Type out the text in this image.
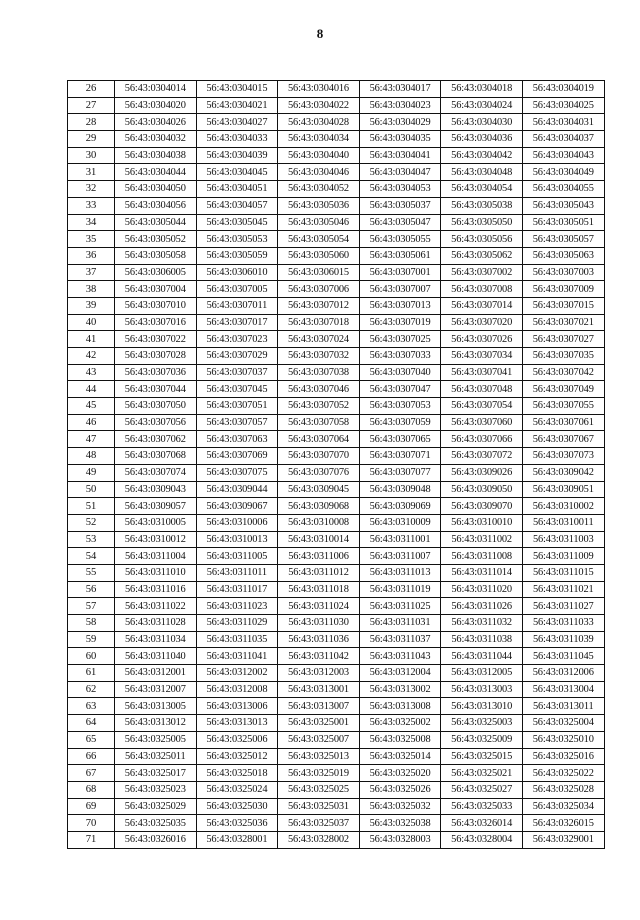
8
26	56:43:0304014	56:43:0304015	56:43:0304016	56:43:0304017	56:43:0304018	56:43:0304019
27	56:43:0304020	56:43:0304021	56:43:0304022	56:43:0304023	56:43:0304024	56:43:0304025
28	56:43:0304026	56:43:0304027	56:43:0304028	56:43:0304029	56:43:0304030	56:43:0304031
29	56:43:0304032	56:43:0304033	56:43:0304034	56:43:0304035	56:43:0304036	56:43:0304037
30	56:43:0304038	56:43:0304039	56:43:0304040	56:43:0304041	56:43:0304042	56:43:0304043
31	56:43:0304044	56:43:0304045	56:43:0304046	56:43:0304047	56:43:0304048	56:43:0304049
32	56:43:0304050	56:43:0304051	56:43:0304052	56:43:0304053	56:43:0304054	56:43:0304055
33	56:43:0304056	56:43:0304057	56:43:0305036	56:43:0305037	56:43:0305038	56:43:0305043
34	56:43:0305044	56:43:0305045	56:43:0305046	56:43:0305047	56:43:0305050	56:43:0305051
35	56:43:0305052	56:43:0305053	56:43:0305054	56:43:0305055	56:43:0305056	56:43:0305057
36	56:43:0305058	56:43:0305059	56:43:0305060	56:43:0305061	56:43:0305062	56:43:0305063
37	56:43:0306005	56:43:0306010	56:43:0306015	56:43:0307001	56:43:0307002	56:43:0307003
38	56:43:0307004	56:43:0307005	56:43:0307006	56:43:0307007	56:43:0307008	56:43:0307009
39	56:43:0307010	56:43:0307011	56:43:0307012	56:43:0307013	56:43:0307014	56:43:0307015
40	56:43:0307016	56:43:0307017	56:43:0307018	56:43:0307019	56:43:0307020	56:43:0307021
41	56:43:0307022	56:43:0307023	56:43:0307024	56:43:0307025	56:43:0307026	56:43:0307027
42	56:43:0307028	56:43:0307029	56:43:0307032	56:43:0307033	56:43:0307034	56:43:0307035
43	56:43:0307036	56:43:0307037	56:43:0307038	56:43:0307040	56:43:0307041	56:43:0307042
44	56:43:0307044	56:43:0307045	56:43:0307046	56:43:0307047	56:43:0307048	56:43:0307049
45	56:43:0307050	56:43:0307051	56:43:0307052	56:43:0307053	56:43:0307054	56:43:0307055
46	56:43:0307056	56:43:0307057	56:43:0307058	56:43:0307059	56:43:0307060	56:43:0307061
47	56:43:0307062	56:43:0307063	56:43:0307064	56:43:0307065	56:43:0307066	56:43:0307067
48	56:43:0307068	56:43:0307069	56:43:0307070	56:43:0307071	56:43:0307072	56:43:0307073
49	56:43:0307074	56:43:0307075	56:43:0307076	56:43:0307077	56:43:0309026	56:43:0309042
50	56:43:0309043	56:43:0309044	56:43:0309045	56:43:0309048	56:43:0309050	56:43:0309051
51	56:43:0309057	56:43:0309067	56:43:0309068	56:43:0309069	56:43:0309070	56:43:0310002
52	56:43:0310005	56:43:0310006	56:43:0310008	56:43:0310009	56:43:0310010	56:43:0310011
53	56:43:0310012	56:43:0310013	56:43:0310014	56:43:0311001	56:43:0311002	56:43:0311003
54	56:43:0311004	56:43:0311005	56:43:0311006	56:43:0311007	56:43:0311008	56:43:0311009
55	56:43:0311010	56:43:0311011	56:43:0311012	56:43:0311013	56:43:0311014	56:43:0311015
56	56:43:0311016	56:43:0311017	56:43:0311018	56:43:0311019	56:43:0311020	56:43:0311021
57	56:43:0311022	56:43:0311023	56:43:0311024	56:43:0311025	56:43:0311026	56:43:0311027
58	56:43:0311028	56:43:0311029	56:43:0311030	56:43:0311031	56:43:0311032	56:43:0311033
59	56:43:0311034	56:43:0311035	56:43:0311036	56:43:0311037	56:43:0311038	56:43:0311039
60	56:43:0311040	56:43:0311041	56:43:0311042	56:43:0311043	56:43:0311044	56:43:0311045
61	56:43:0312001	56:43:0312002	56:43:0312003	56:43:0312004	56:43:0312005	56:43:0312006
62	56:43:0312007	56:43:0312008	56:43:0313001	56:43:0313002	56:43:0313003	56:43:0313004
63	56:43:0313005	56:43:0313006	56:43:0313007	56:43:0313008	56:43:0313010	56:43:0313011
64	56:43:0313012	56:43:0313013	56:43:0325001	56:43:0325002	56:43:0325003	56:43:0325004
65	56:43:0325005	56:43:0325006	56:43:0325007	56:43:0325008	56:43:0325009	56:43:0325010
66	56:43:0325011	56:43:0325012	56:43:0325013	56:43:0325014	56:43:0325015	56:43:0325016
67	56:43:0325017	56:43:0325018	56:43:0325019	56:43:0325020	56:43:0325021	56:43:0325022
68	56:43:0325023	56:43:0325024	56:43:0325025	56:43:0325026	56:43:0325027	56:43:0325028
69	56:43:0325029	56:43:0325030	56:43:0325031	56:43:0325032	56:43:0325033	56:43:0325034
70	56:43:0325035	56:43:0325036	56:43:0325037	56:43:0325038	56:43:0326014	56:43:0326015
71	56:43:0326016	56:43:0328001	56:43:0328002	56:43:0328003	56:43:0328004	56:43:0329001
